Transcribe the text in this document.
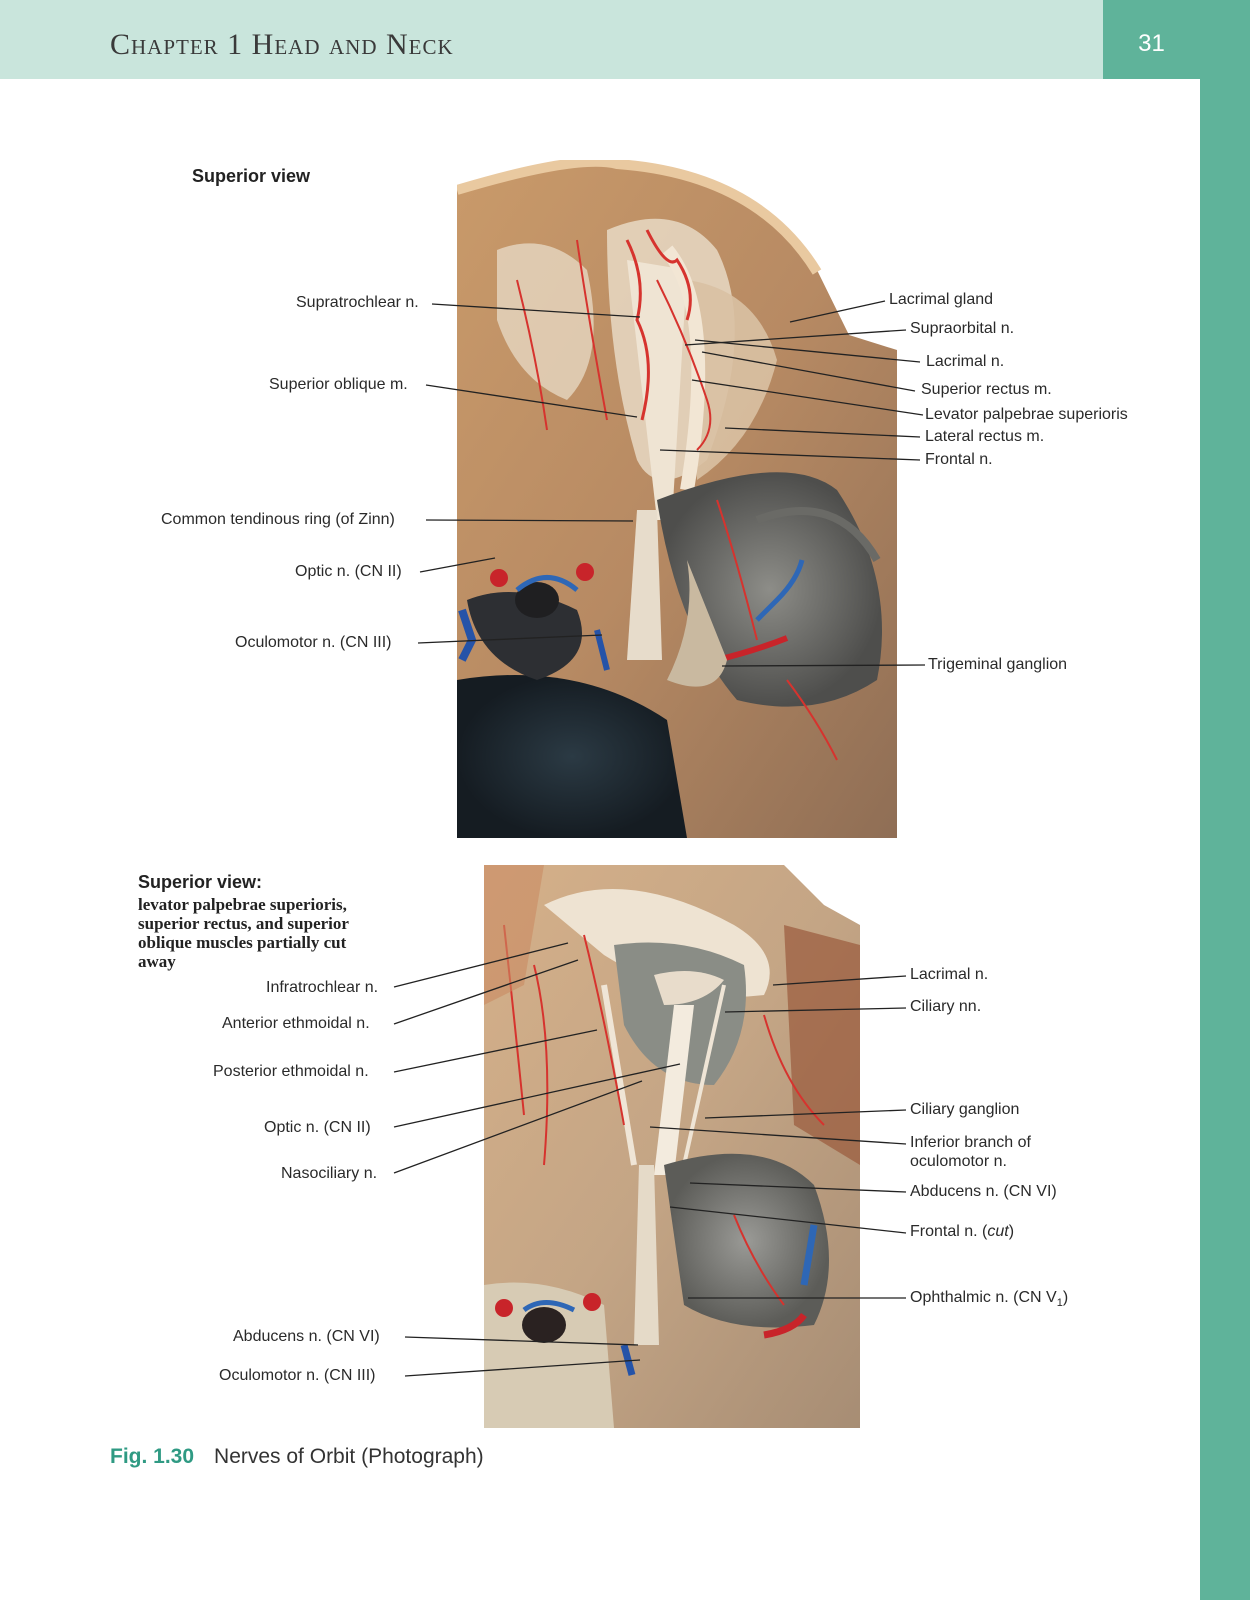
Chapter 1 Head and Neck	31
Superior view
Superior view:
levator palpebrae superioris, superior rectus, and superior oblique muscles partially cut away
Supratrochlear n.
Superior oblique m.
Common tendinous ring (of Zinn)
Optic n. (CN II)
Oculomotor n. (CN III)
Lacrimal gland
Supraorbital n.
Lacrimal n.
Superior rectus m.
Levator palpebrae superioris
Lateral rectus m.
Frontal n.
Trigeminal ganglion
Infratrochlear n.
Anterior ethmoidal n.
Posterior ethmoidal n.
Optic n. (CN II)
Nasociliary n.
Abducens n. (CN VI)
Oculomotor n. (CN III)
Lacrimal n.
Ciliary nn.
Ciliary ganglion
Inferior branch of
oculomotor n.
Abducens n. (CN VI)
Frontal n. (cut)
Ophthalmic n. (CN $V_1$)
Fig. 1.30 Nerves of Orbit (Photograph)
